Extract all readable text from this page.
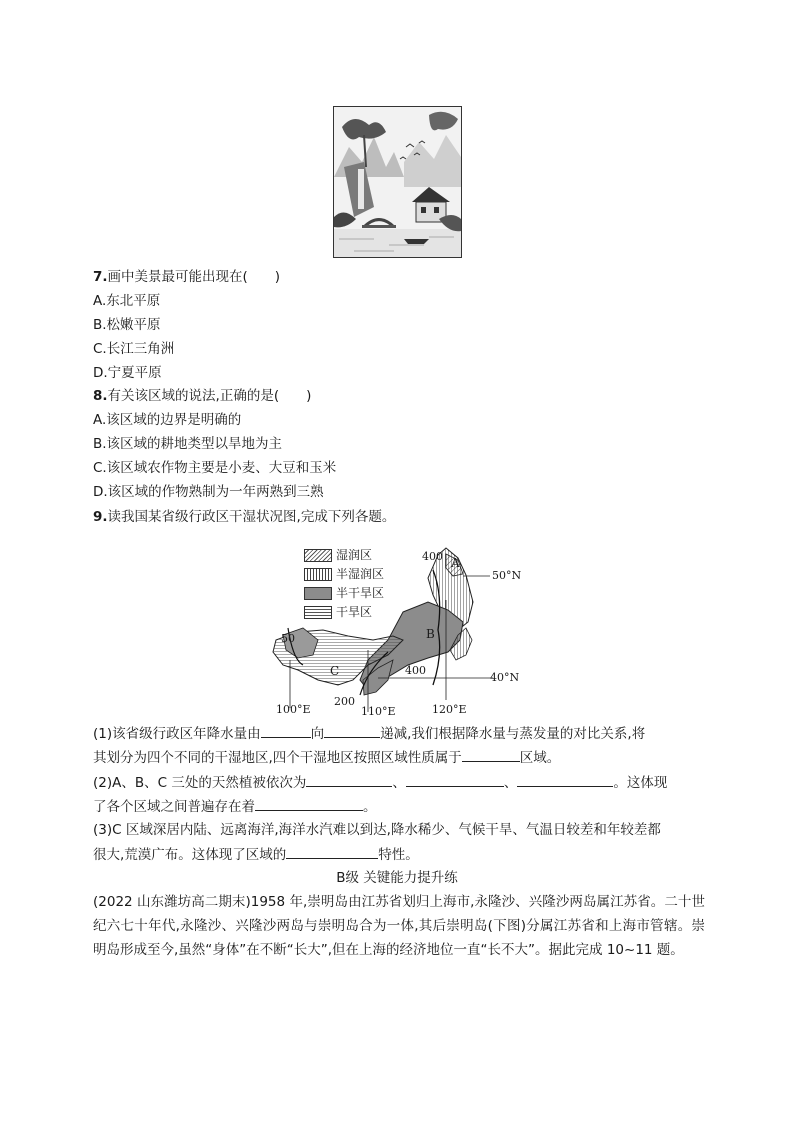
7.画中美景最可能出现在(　　)
A.东北平原
B.松嫩平原
C.长江三角洲
D.宁夏平原
8.有关该区域的说法,正确的是(　　)
A.该区域的边界是明确的
B.该区域的耕地类型以旱地为主
C.该区域农作物主要是小麦、大豆和玉米
D.该区域的作物熟制为一年两熟到三熟
9.读我国某省级行政区干湿状况图,完成下列各题。
湿润区
半湿润区
半干旱区
干旱区
400
50°N
40°N
50
200
400
100°E	110°E	120°E
A
B
C
(1)该省级行政区年降水量由	向	递减,我们根据降水量与蒸发量的对比关系,将
其划分为四个不同的干湿地区,四个干湿地区按照区域性质属于	区域。
(2)A、B、C 三处的天然植被依次为	、	、	。这体现
了各个区域之间普遍存在着	。
(3)C 区域深居内陆、远离海洋,海洋水汽难以到达,降水稀少、气候干旱、气温日较差和年较差都
很大,荒漠广布。这体现了区域的	特性。
B级 关键能力提升练
(2022 山东潍坊高二期末)1958 年,崇明岛由江苏省划归上海市,永隆沙、兴隆沙两岛属江苏省。二十世纪六七十年代,永隆沙、兴隆沙两岛与崇明岛合为一体,其后崇明岛(下图)分属江苏省和上海市管辖。崇明岛形成至今,虽然“身体”在不断“长大”,但在上海的经济地位一直“长不大”。据此完成 10~11 题。
